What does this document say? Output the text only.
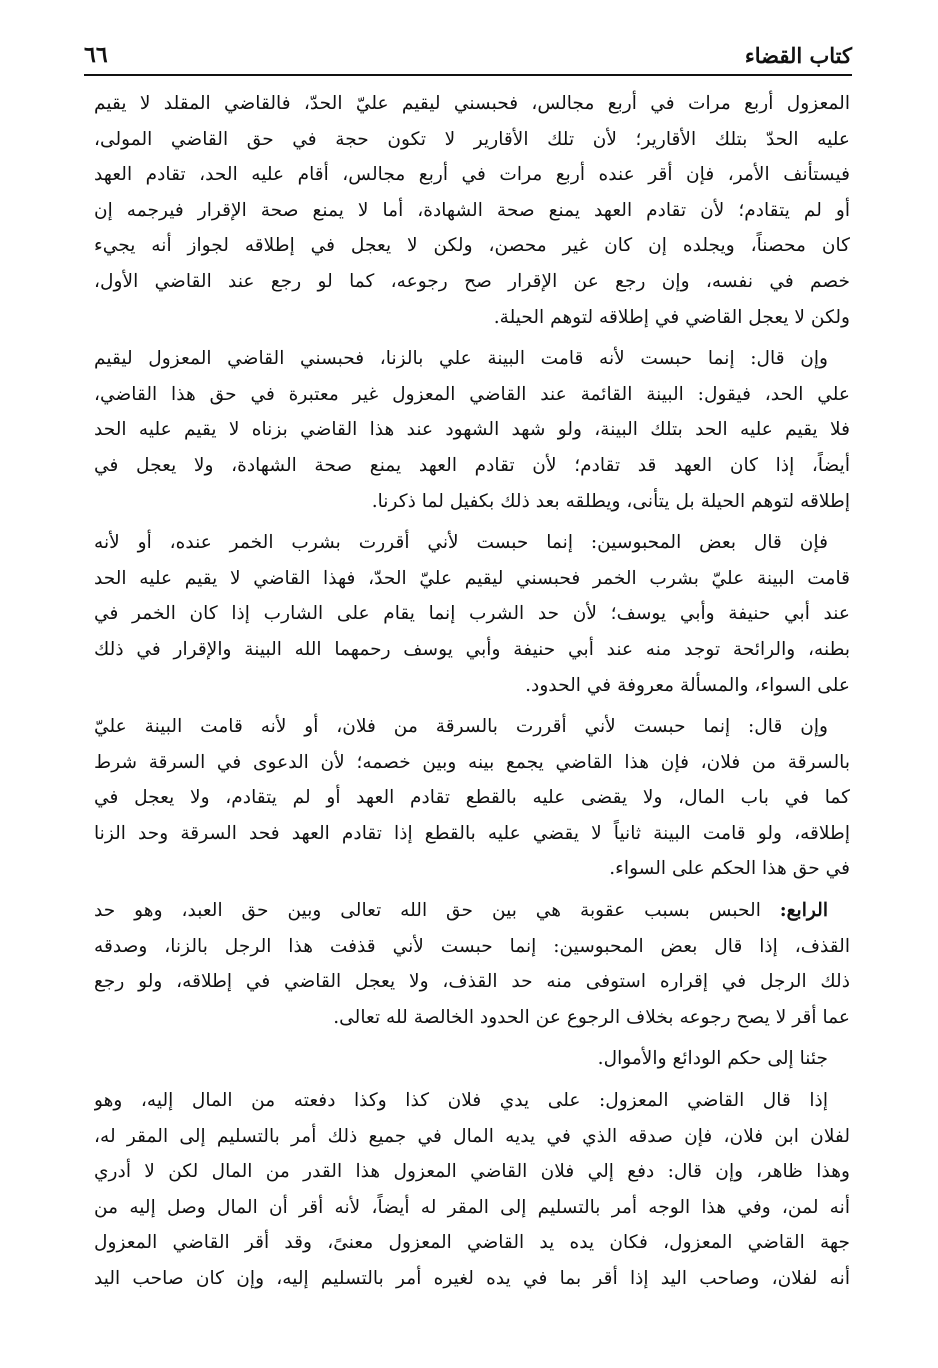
كتاب القضاء
٦٦
المعزول أربع مرات في أربع مجالس، فحبسني ليقيم عليّ الحدّ، فالقاضي المقلد لا يقيم
عليه الحدّ بتلك الأقارير؛ لأن تلك الأقارير لا تكون حجة في حق القاضي المولى،
فيستأنف الأمر، فإن أقر عنده أربع مرات في أربع مجالس، أقام عليه الحد، تقادم العهد
أو لم يتقادم؛ لأن تقادم العهد يمنع صحة الشهادة، أما لا يمنع صحة الإقرار فيرجمه إن
كان محصناً، ويجلده إن كان غير محصن، ولكن لا يعجل في إطلاقه لجواز أنه يجيء
خصم في نفسه، وإن رجع عن الإقرار صح رجوعه، كما لو رجع عند القاضي الأول،
ولكن لا يعجل القاضي في إطلاقه لتوهم الحيلة.
وإن قال: إنما حبست لأنه قامت البينة علي بالزنا، فحبسني القاضي المعزول ليقيم
علي الحد، فيقول: البينة القائمة عند القاضي المعزول غير معتبرة في حق هذا القاضي،
فلا يقيم عليه الحد بتلك البينة، ولو شهد الشهود عند هذا القاضي بزناه لا يقيم عليه الحد
أيضاً، إذا كان العهد قد تقادم؛ لأن تقادم العهد يمنع صحة الشهادة، ولا يعجل في
إطلاقه لتوهم الحيلة بل يتأنى، ويطلقه بعد ذلك بكفيل لما ذكرنا.
فإن قال بعض المحبوسين: إنما حبست لأني أقررت بشرب الخمر عنده، أو لأنه
قامت البينة عليّ بشرب الخمر فحبسني ليقيم عليّ الحدّ، فهذا القاضي لا يقيم عليه الحد
عند أبي حنيفة وأبي يوسف؛ لأن حد الشرب إنما يقام على الشارب إذا كان الخمر في
بطنه، والرائحة توجد منه عند أبي حنيفة وأبي يوسف رحمهما الله البينة والإقرار في ذلك
على السواء، والمسألة معروفة في الحدود.
وإن قال: إنما حبست لأني أقررت بالسرقة من فلان، أو لأنه قامت البينة عليّ
بالسرقة من فلان، فإن هذا القاضي يجمع بينه وبين خصمه؛ لأن الدعوى في السرقة شرط
كما في باب المال، ولا يقضى عليه بالقطع تقادم العهد أو لم يتقادم، ولا يعجل في
إطلاقه، ولو قامت البينة ثانياً لا يقضي عليه بالقطع إذا تقادم العهد فحد السرقة وحد الزنا
في حق هذا الحكم على السواء.
الرابع: الحبس بسبب عقوبة هي بين حق الله تعالى وبين حق العبد، وهو حد
القذف، إذا قال بعض المحبوسين: إنما حبست لأني قذفت هذا الرجل بالزنا، وصدقه
ذلك الرجل في إقراره استوفى منه حد القذف، ولا يعجل القاضي في إطلاقه، ولو رجع
عما أقر لا يصح رجوعه بخلاف الرجوع عن الحدود الخالصة لله تعالى.
جئنا إلى حكم الودائع والأموال.
إذا قال القاضي المعزول: على يدي فلان كذا وكذا دفعته من المال إليه، وهو
لفلان ابن فلان، فإن صدقه الذي في يديه المال في جميع ذلك أمر بالتسليم إلى المقر له،
وهذا ظاهر، وإن قال: دفع إلي فلان القاضي المعزول هذا القدر من المال لكن لا أدري
أنه لمن، وفي هذا الوجه أمر بالتسليم إلى المقر له أيضاً، لأنه أقر أن المال وصل إليه من
جهة القاضي المعزول، فكان يده يد القاضي المعزول معنىً، وقد أقر القاضي المعزول
أنه لفلان، وصاحب اليد إذا أقر بما في يده لغيره أمر بالتسليم إليه، وإن كان صاحب اليد
